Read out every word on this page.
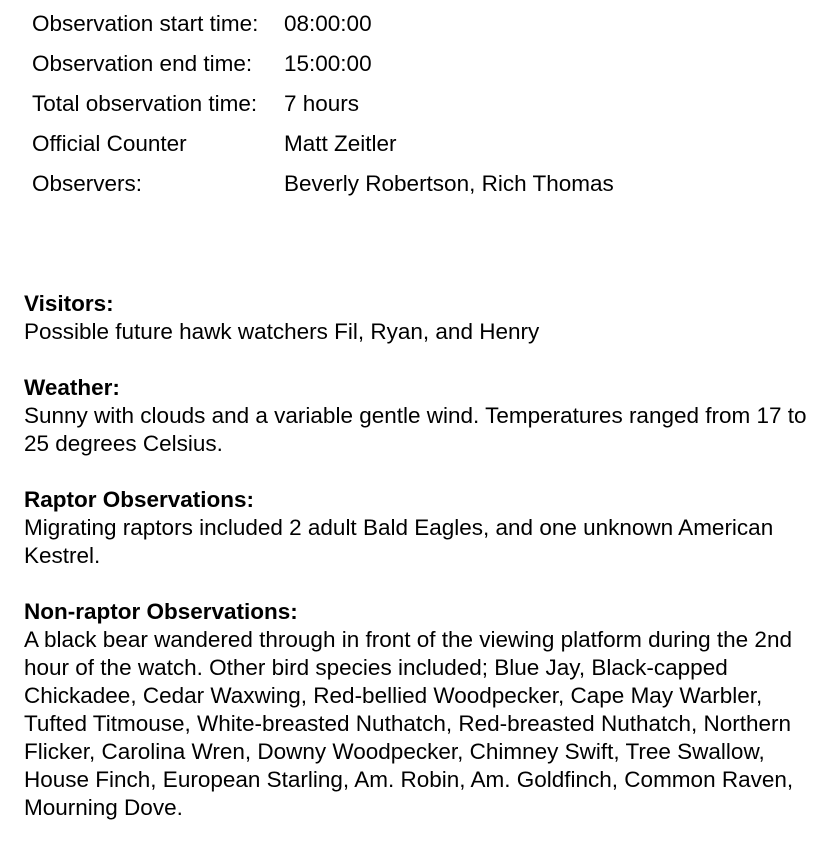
Observation start time:	08:00:00
Observation end time:	15:00:00
Total observation time:	7 hours
Official Counter	Matt Zeitler
Observers:	Beverly Robertson, Rich Thomas
Visitors:
Possible future hawk watchers Fil, Ryan, and Henry
Weather:
Sunny with clouds and a variable gentle wind. Temperatures ranged from 17 to 25 degrees Celsius.
Raptor Observations:
Migrating raptors included 2 adult Bald Eagles, and one unknown American Kestrel.
Non-raptor Observations:
A black bear wandered through in front of the viewing platform during the 2nd hour of the watch. Other bird species included; Blue Jay, Black-capped Chickadee, Cedar Waxwing, Red-bellied Woodpecker, Cape May Warbler, Tufted Titmouse, White-breasted Nuthatch, Red-breasted Nuthatch, Northern Flicker, Carolina Wren, Downy Woodpecker, Chimney Swift, Tree Swallow, House Finch, European Starling, Am. Robin, Am. Goldfinch, Common Raven, Mourning Dove.
